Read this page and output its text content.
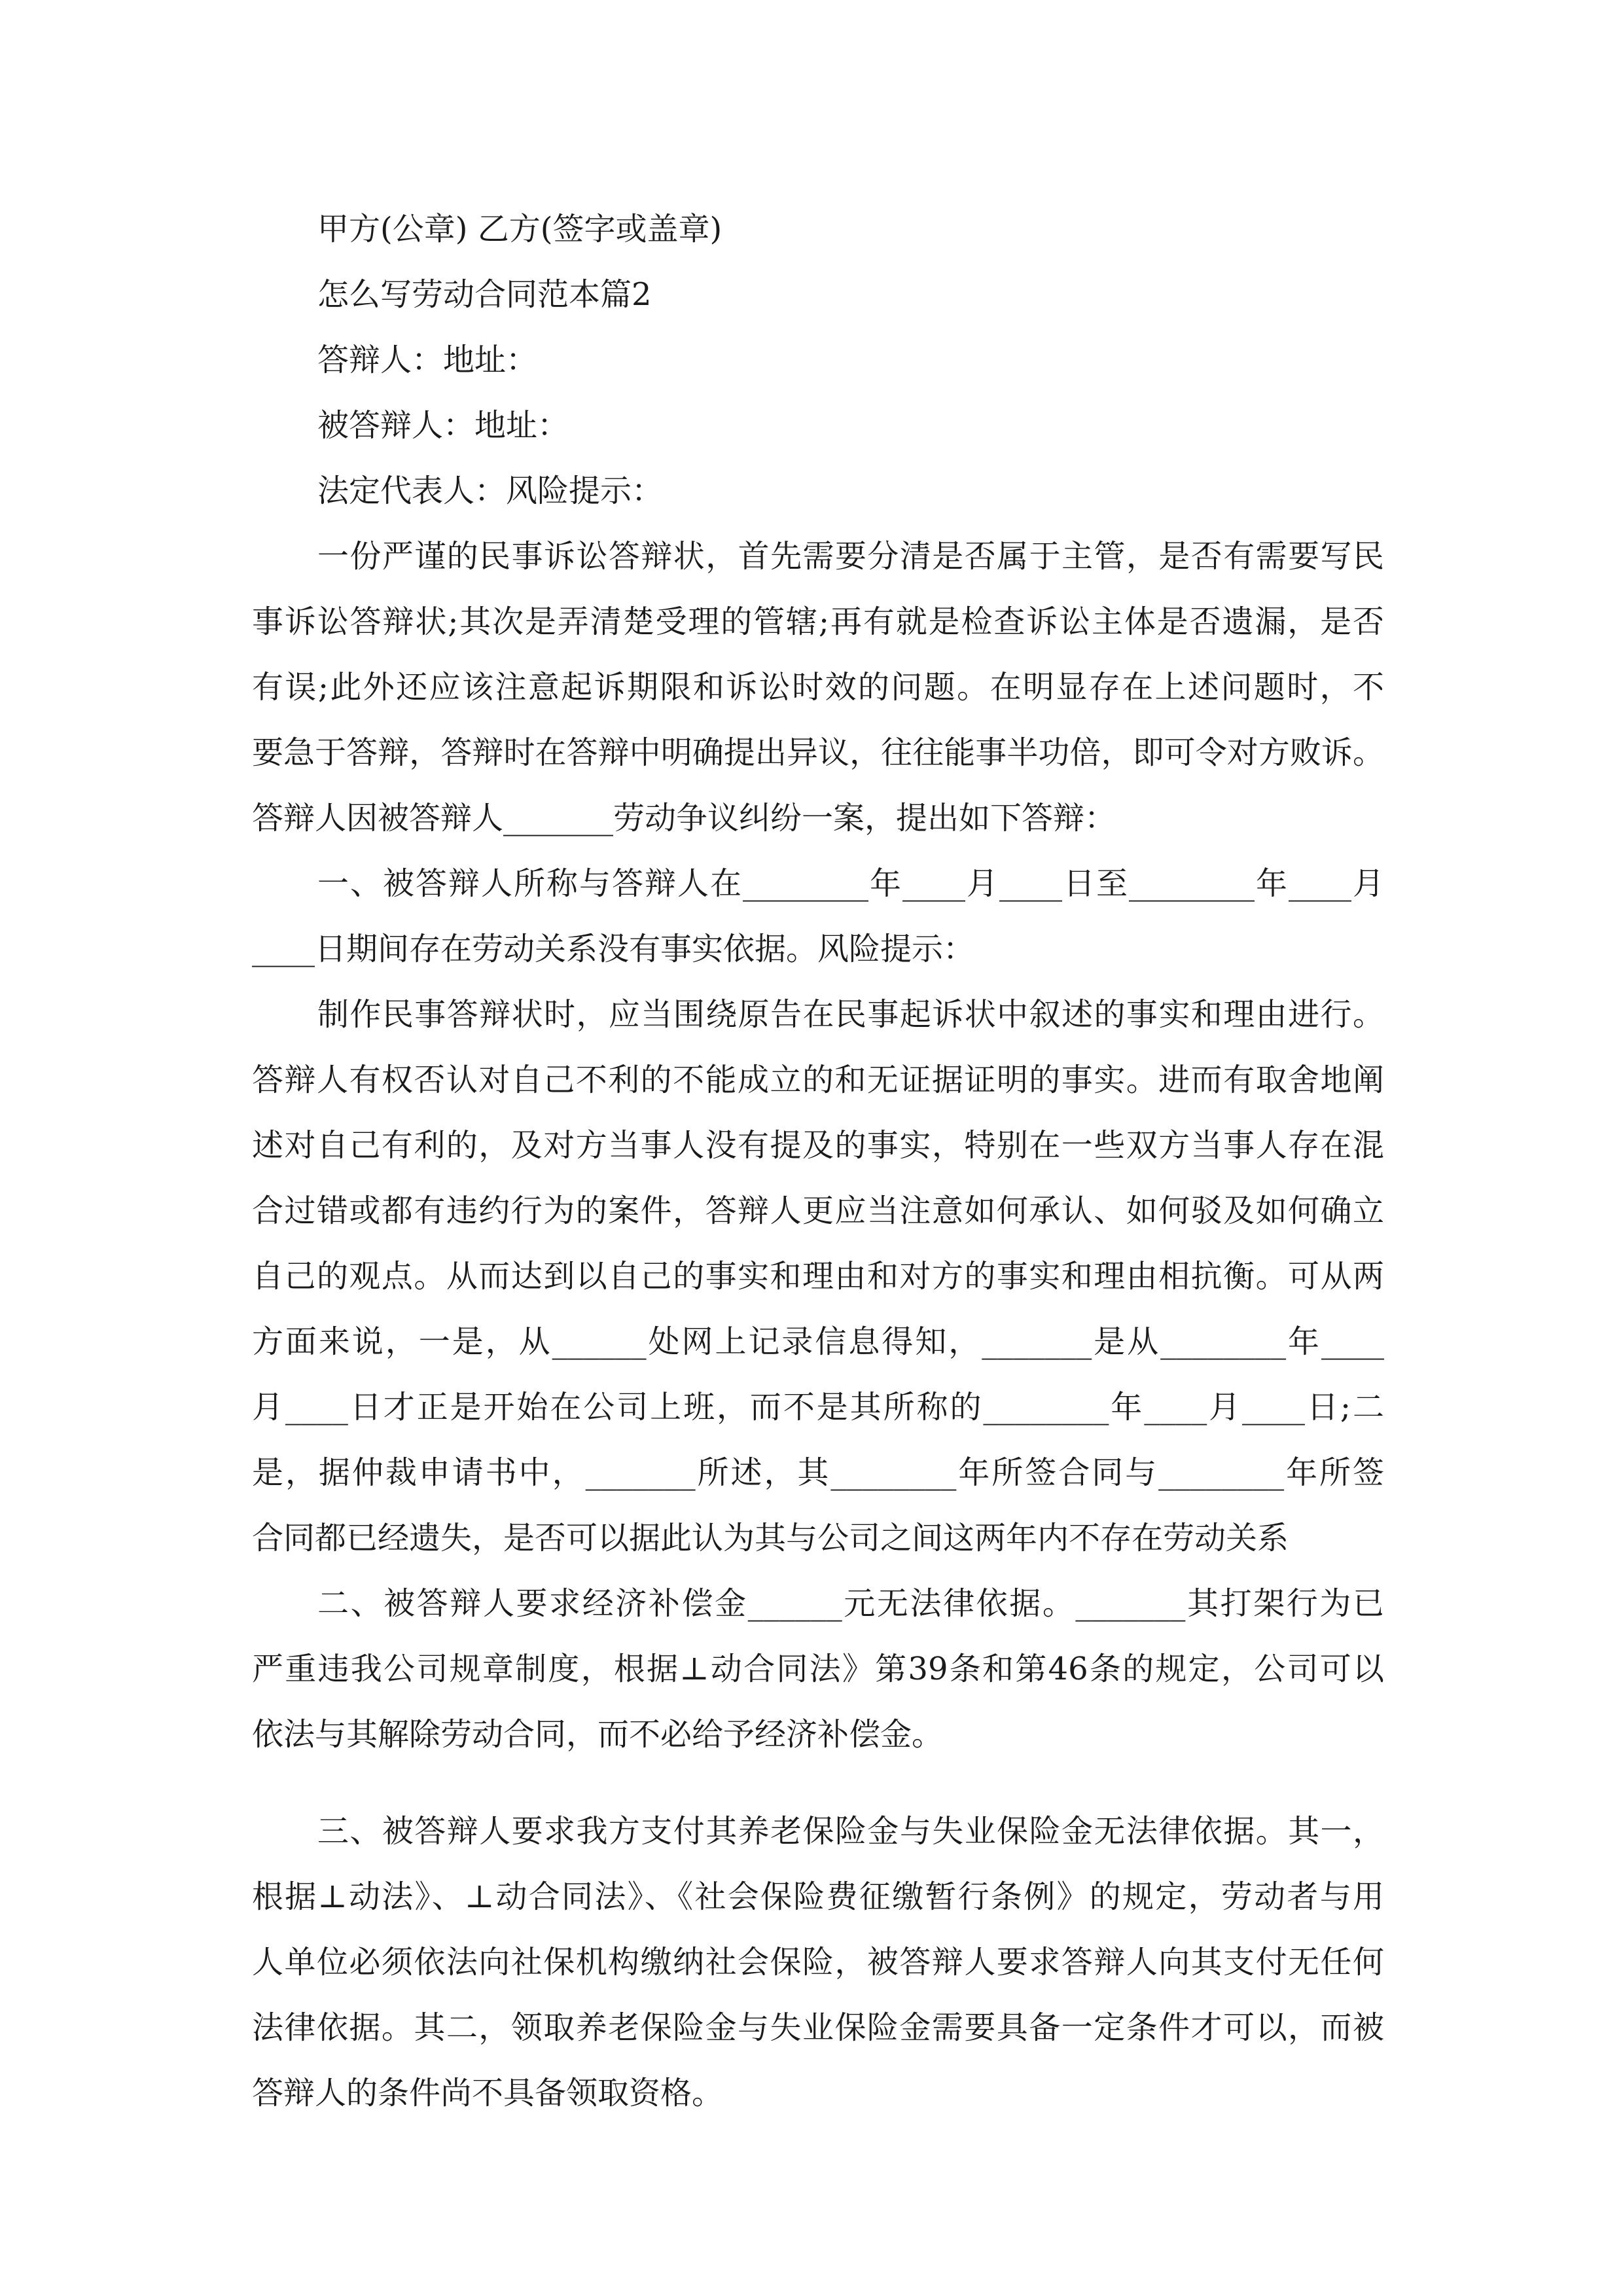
甲方(公章) 乙方(签字或盖章)
怎么写劳动合同范本篇2
答辩人：地址：
被答辩人：地址：
法定代表人：风险提示：
一份严谨的民事诉讼答辩状，首先需要分清是否属于主管，是否有需要写民
事诉讼答辩状;其次是弄清楚受理的管辖;再有就是检查诉讼主体是否遗漏，是否
有误;此外还应该注意起诉期限和诉讼时效的问题。在明显存在上述问题时，不
要急于答辩，答辩时在答辩中明确提出异议，往往能事半功倍，即可令对方败诉。
答辩人因被答辩人_______劳动争议纠纷一案，提出如下答辩：
一、被答辩人所称与答辩人在________年____月____日至________年____月
____日期间存在劳动关系没有事实依据。风险提示：
制作民事答辩状时，应当围绕原告在民事起诉状中叙述的事实和理由进行。
答辩人有权否认对自己不利的不能成立的和无证据证明的事实。进而有取舍地阐
述对自己有利的，及对方当事人没有提及的事实，特别在一些双方当事人存在混
合过错或都有违约行为的案件，答辩人更应当注意如何承认、如何驳及如何确立
自己的观点。从而达到以自己的事实和理由和对方的事实和理由相抗衡。可从两
方面来说，一是，从______处网上记录信息得知，_______是从________年____
月____日才正是开始在公司上班，而不是其所称的________年____月____日;二
是，据仲裁申请书中，_______所述，其________年所签合同与________年所签
合同都已经遗失，是否可以据此认为其与公司之间这两年内不存在劳动关系
二、被答辩人要求经济补偿金______元无法律依据。_______其打架行为已
严重违我公司规章制度，根据⊥动合同法》第39条和第46条的规定，公司可以
依法与其解除劳动合同，而不必给予经济补偿金。
三、被答辩人要求我方支付其养老保险金与失业保险金无法律依据。其一，
根据⊥动法》、⊥动合同法》、《社会保险费征缴暂行条例》的规定，劳动者与用
人单位必须依法向社保机构缴纳社会保险，被答辩人要求答辩人向其支付无任何
法律依据。其二，领取养老保险金与失业保险金需要具备一定条件才可以，而被
答辩人的条件尚不具备领取资格。
